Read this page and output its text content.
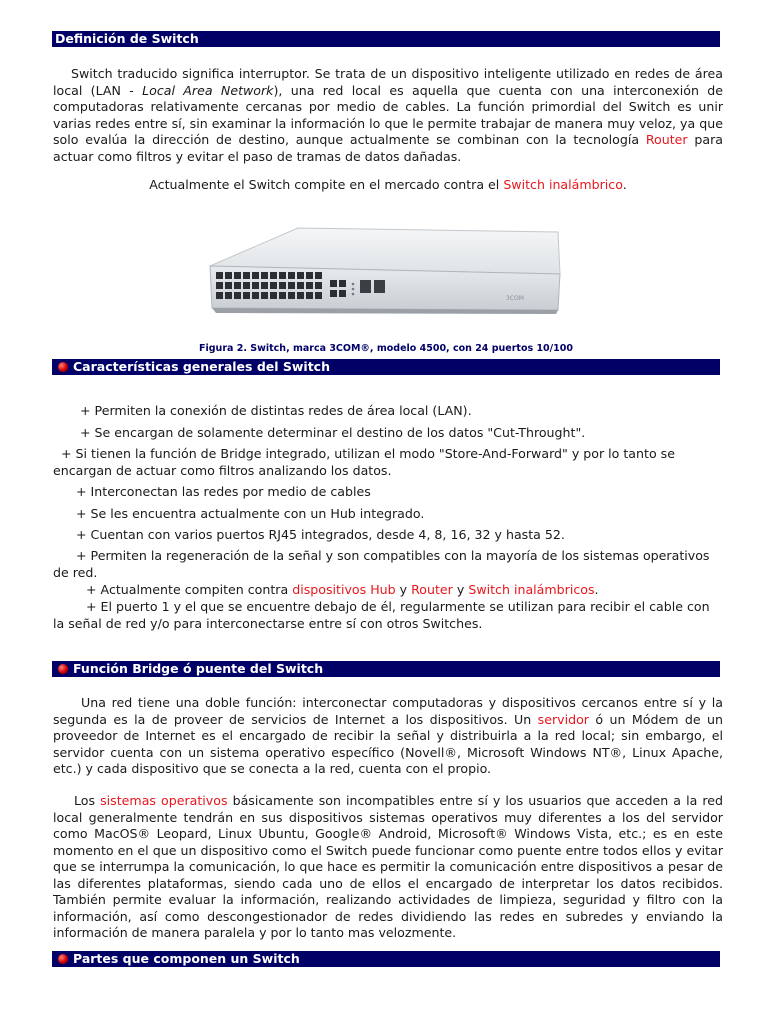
Definición de Switch

Switch traducido significa interruptor. Se trata de un dispositivo inteligente utilizado en redes de área local (LAN - Local Area Network), una red local es aquella que cuenta con una interconexión de computadoras relativamente cercanas por medio de cables. La función primordial del Switch es unir varias redes entre sí, sin examinar la información lo que le permite trabajar de manera muy veloz, ya que solo evalúa la dirección de destino, aunque actualmente se combinan con la tecnología Router para actuar como filtros y evitar el paso de tramas de datos dañadas.

Actualmente el Switch compite en el mercado contra el Switch inalámbrico.

3COM
Figura 2. Switch, marca 3COM®, modelo 4500, con 24 puertos 10/100
Características generales del Switch

+ Permiten la conexión de distintas redes de área local (LAN).

+ Se encargan de solamente determinar el destino de los datos "Cut-Throught".

+ Si tienen la función de Bridge integrado, utilizan el modo "Store-And-Forward" y por lo tanto se encargan de actuar como filtros analizando los datos.

+ Interconectan las redes por medio de cables

+ Se les encuentra actualmente con un Hub integrado.

+ Cuentan con varios puertos RJ45 integrados, desde 4, 8, 16, 32 y hasta 52.

+ Permiten la regeneración de la señal y son compatibles con la mayoría de los sistemas operativos de red.

+ Actualmente compiten contra dispositivos Hub y Router y Switch inalámbricos.

+ El puerto 1 y el que se encuentre debajo de él, regularmente se utilizan para recibir el cable con la señal de red y/o para interconectarse entre sí con otros Switches.

Función Bridge ó puente del Switch

Una red tiene una doble función: interconectar computadoras y dispositivos cercanos entre sí y la segunda es la de proveer de servicios de Internet a los dispositivos. Un servidor ó un Módem de un proveedor de Internet es el encargado de recibir la señal y distribuirla a la red local; sin embargo, el servidor cuenta con un sistema operativo específico (Novell®, Microsoft Windows NT®, Linux Apache, etc.) y cada dispositivo que se conecta a la red, cuenta con el propio.

Los sistemas operativos básicamente son incompatibles entre sí y los usuarios que acceden a la red local generalmente tendrán en sus dispositivos sistemas operativos muy diferentes a los del servidor como MacOS® Leopard, Linux Ubuntu, Google® Android, Microsoft® Windows Vista, etc.; es en este momento en el que un dispositivo como el Switch puede funcionar como puente entre todos ellos y evitar que se interrumpa la comunicación, lo que hace es permitir la comunicación entre dispositivos a pesar de las diferentes plataformas, siendo cada uno de ellos el encargado de interpretar los datos recibidos. También permite evaluar la información, realizando actividades de limpieza, seguridad y filtro con la información, así como descongestionador de redes dividiendo las redes en subredes y enviando la información de manera paralela y por lo tanto mas velozmente.

Partes que componen un Switch
